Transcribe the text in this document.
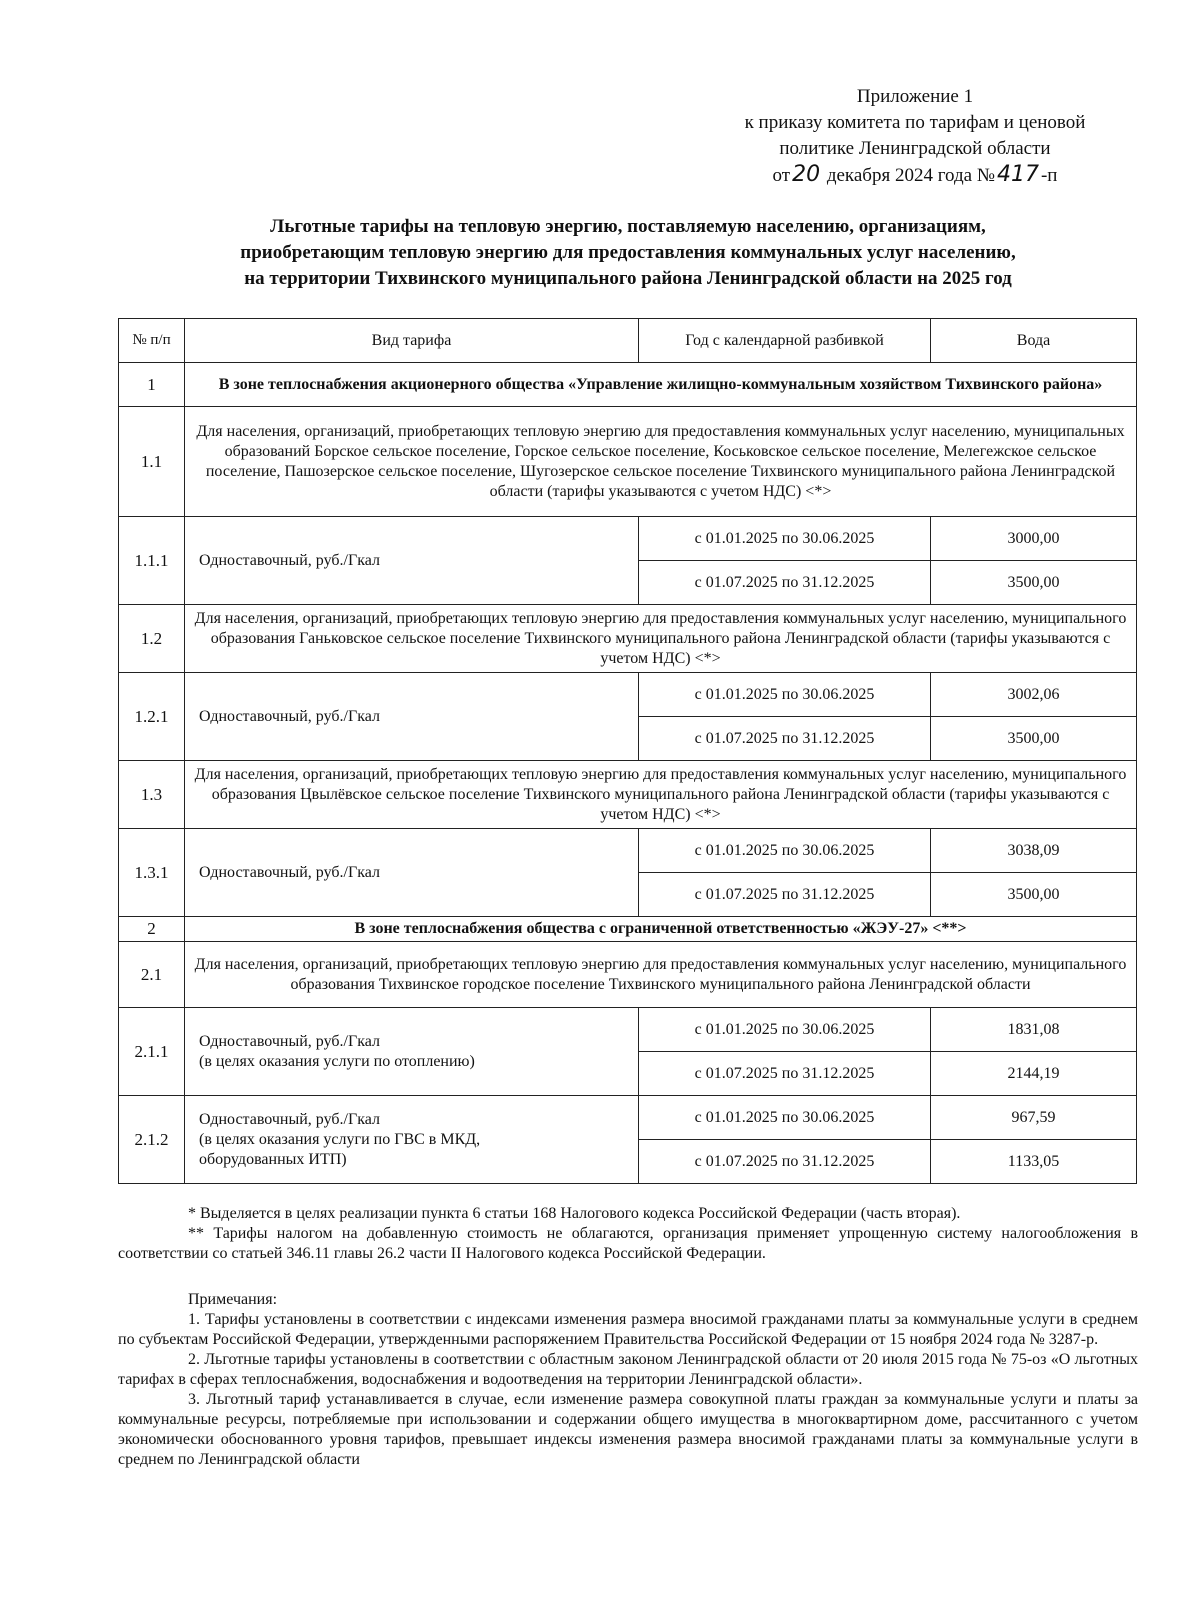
Приложение 1
к приказу комитета по тарифам и ценовой
политике Ленинградской области
от20 декабря 2024 года №417 -п
Льготные тарифы на тепловую энергию, поставляемую населению, организациям,
приобретающим тепловую энергию для предоставления коммунальных услуг населению,
на территории Тихвинского муниципального района Ленинградской области на 2025 год
№ п/п	Вид тарифа	Год с календарной разбивкой	Вода
1	В зоне теплоснабжения акционерного общества «Управление жилищно-коммунальным хозяйством Тихвинского района»		
1.1	Для населения, организаций, приобретающих тепловую энергию для предоставления коммунальных услуг населению, муниципальных образований Борское сельское поселение, Горское сельское поселение, Коськовское сельское поселение, Мелегежское сельское поселение, Пашозерское сельское поселение, Шугозерское сельское поселение Тихвинского муниципального района Ленинградской области (тарифы указываются с учетом НДС) <*>		
1.1.1	Одноставочный, руб./Гкал	с 01.01.2025 по 30.06.2025	3000,00
		с 01.07.2025 по 31.12.2025	3500,00
1.2	Для населения, организаций, приобретающих тепловую энергию для предоставления коммунальных услуг населению, муниципального образования Ганьковское сельское поселение Тихвинского муниципального района Ленинградской области (тарифы указываются с учетом НДС) <*>		
1.2.1	Одноставочный, руб./Гкал	с 01.01.2025 по 30.06.2025	3002,06
		с 01.07.2025 по 31.12.2025	3500,00
1.3	Для населения, организаций, приобретающих тепловую энергию для предоставления коммунальных услуг населению, муниципального образования Цвылёвское сельское поселение Тихвинского муниципального района Ленинградской области (тарифы указываются с учетом НДС) <*>		
1.3.1	Одноставочный, руб./Гкал	с 01.01.2025 по 30.06.2025	3038,09
		с 01.07.2025 по 31.12.2025	3500,00
2	В зоне теплоснабжения общества с ограниченной ответственностью «ЖЭУ-27» <**>		
2.1	Для населения, организаций, приобретающих тепловую энергию для предоставления коммунальных услуг населению, муниципального образования Тихвинское городское поселение Тихвинского муниципального района Ленинградской области		
2.1.1	Одноставочный, руб./Гкал
(в целях оказания услуги по отоплению)	с 01.01.2025 по 30.06.2025	1831,08
		с 01.07.2025 по 31.12.2025	2144,19
2.1.2	Одноставочный, руб./Гкал
(в целях оказания услуги по ГВС в МКД,
оборудованных ИТП)	с 01.01.2025 по 30.06.2025	967,59
		с 01.07.2025 по 31.12.2025	1133,05

* Выделяется в целях реализации пункта 6 статьи 168 Налогового кодекса Российской Федерации (часть вторая).

** Тарифы налогом на добавленную стоимость не облагаются, организация применяет упрощенную систему налогообложения в соответствии со статьей 346.11 главы 26.2 части II Налогового кодекса Российской Федерации.

Примечания:

1. Тарифы установлены в соответствии с индексами изменения размера вносимой гражданами платы за коммунальные услуги в среднем по субъектам Российской Федерации, утвержденными распоряжением Правительства Российской Федерации от 15 ноября 2024 года № 3287-р.

2. Льготные тарифы установлены в соответствии с областным законом Ленинградской области от 20 июля 2015 года № 75-оз «О льготных тарифах в сферах теплоснабжения, водоснабжения и водоотведения на территории Ленинградской области».

3. Льготный тариф устанавливается в случае, если изменение размера совокупной платы граждан за коммунальные услуги и платы за коммунальные ресурсы, потребляемые при использовании и содержании общего имущества в многоквартирном доме, рассчитанного с учетом экономически обоснованного уровня тарифов, превышает индексы изменения размера вносимой гражданами платы за коммунальные услуги в среднем по Ленинградской области
